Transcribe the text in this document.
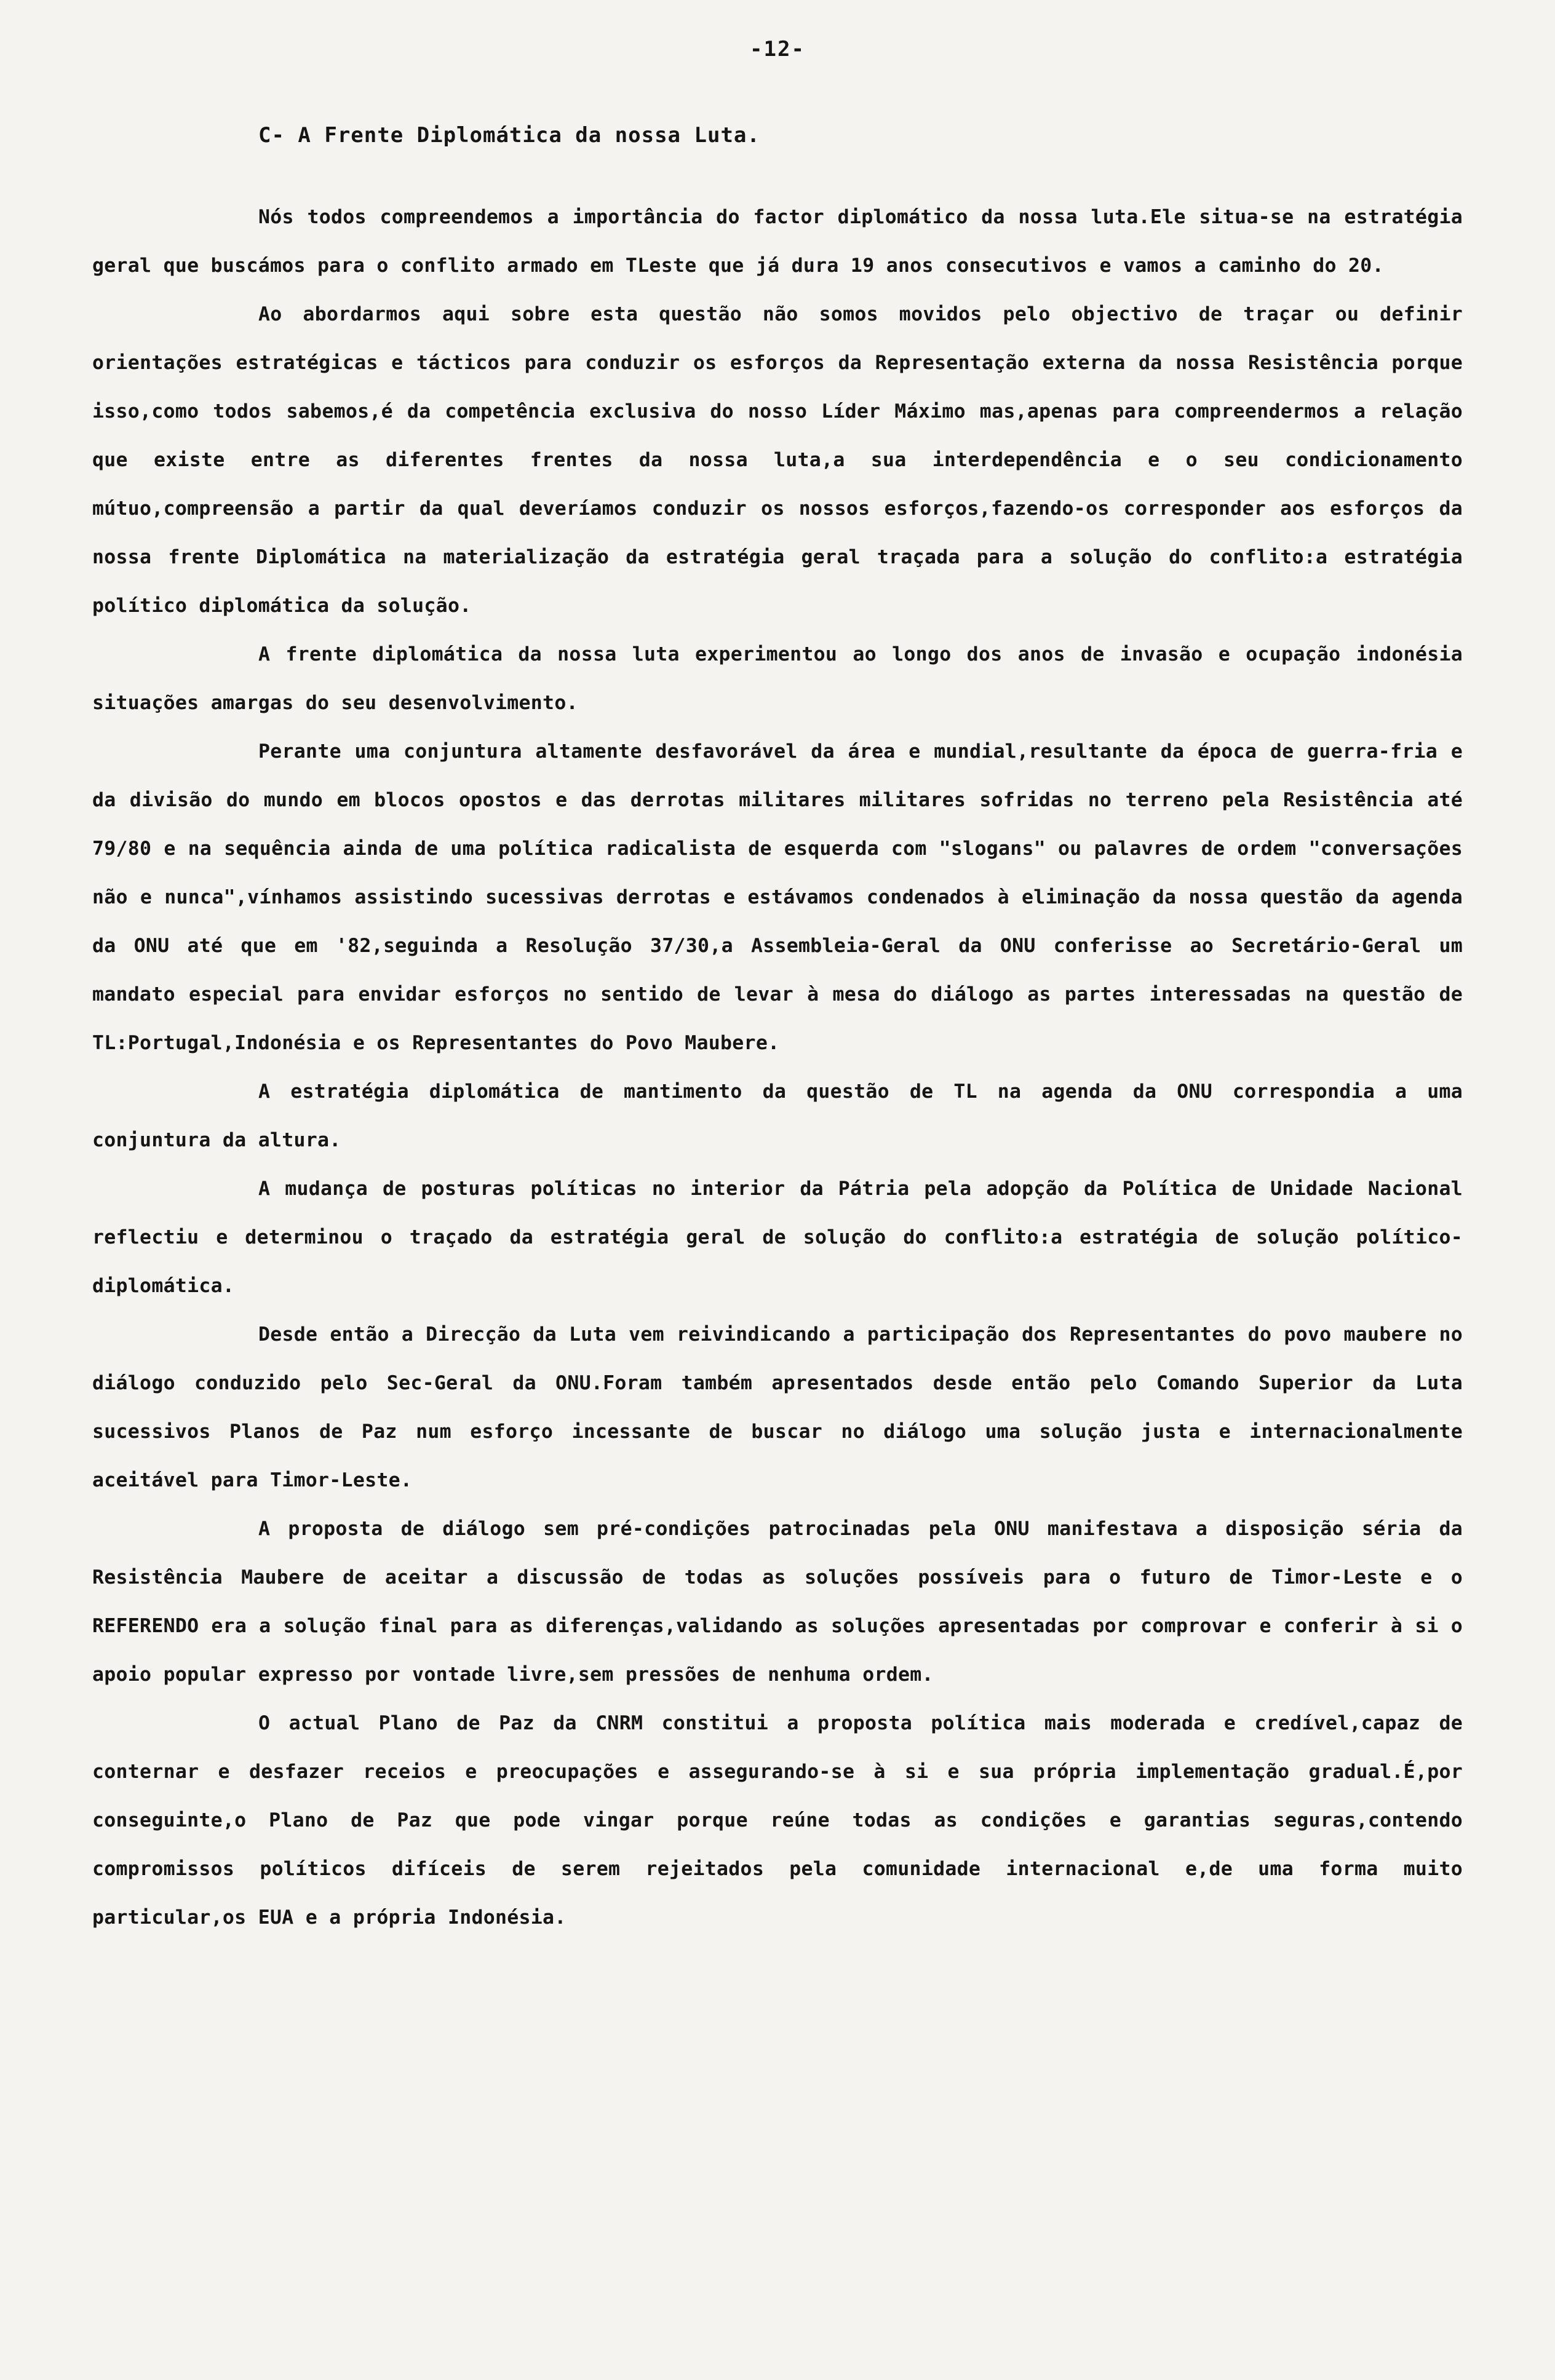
-12-
C- A Frente Diplomática da nossa Luta.

Nós todos compreendemos a importância do factor diplomático da nossa luta.Ele situa-se na estratégia geral que buscámos para o conflito armado em TLeste que já dura 19 anos consecutivos e vamos a caminho do 20.

Ao abordarmos aqui sobre esta questão não somos movidos pelo objectivo de traçar ou definir orientações estratégicas e tácticos para conduzir os esforços da Representação externa da nossa Resistência porque isso,como todos sabemos,é da competência exclusiva do nosso Líder Máximo mas,apenas para compreendermos a relação que existe entre as diferentes frentes da nossa luta,a sua interdependência e o seu condicionamento mútuo,compreensão a partir da qual deveríamos conduzir os nossos esforços,fazendo-os corresponder aos esforços da nossa frente Diplomática na materialização da estratégia geral traçada para a solução do conflito:a estratégia político diplomática da solução.

A frente diplomática da nossa luta experimentou ao longo dos anos de invasão e ocupação indonésia situações amargas do seu desenvolvimento.

Perante uma conjuntura altamente desfavorável da área e mundial,resultante da época de guerra-fria e da divisão do mundo em blocos opostos e das derrotas militares militares sofridas no terreno pela Resistência até 79/80 e na sequência ainda de uma política radicalista de esquerda com "slogans" ou palavres de ordem "conversações não e nunca",vínhamos assistindo sucessivas derrotas e estávamos condenados à eliminação da nossa questão da agenda da ONU até que em '82,seguinda a Resolução 37/30,a Assembleia-Geral da ONU conferisse ao Secretário-Geral um mandato especial para envidar esforços no sentido de levar à mesa do diálogo as partes interessadas na questão de TL:Portugal,Indonésia e os Representantes do Povo Maubere.

A estratégia diplomática de mantimento da questão de TL na agenda da ONU correspondia a uma conjuntura da altura.

A mudança de posturas políticas no interior da Pátria pela adopção da Política de Unidade Nacional reflectiu e determinou o traçado da estratégia geral de solução do conflito:a estratégia de solução político-diplomática.

Desde então a Direcção da Luta vem reivindicando a participação dos Representantes do povo maubere no diálogo conduzido pelo Sec-Geral da ONU.Foram também apresentados desde então pelo Comando Superior da Luta sucessivos Planos de Paz num esforço incessante de buscar no diálogo uma solução justa e internacionalmente aceitável para Timor-Leste.

A proposta de diálogo sem pré-condições patrocinadas pela ONU manifestava a disposição séria da Resistência Maubere de aceitar a discussão de todas as soluções possíveis para o futuro de Timor-Leste e o REFERENDO era a solução final para as diferenças,validando as soluções apresentadas por comprovar e conferir à si o apoio popular expresso por vontade livre,sem pressões de nenhuma ordem.

O actual Plano de Paz da CNRM constitui a proposta política mais moderada e credível,capaz de conternar e desfazer receios e preocupações e assegurando-se à si e sua própria implementação gradual.É,por conseguinte,o Plano de Paz que pode vingar porque reúne todas as condições e garantias seguras,contendo compromissos políticos difíceis de serem rejeitados pela comunidade internacional e,de uma forma muito particular,os EUA e a própria Indonésia.
